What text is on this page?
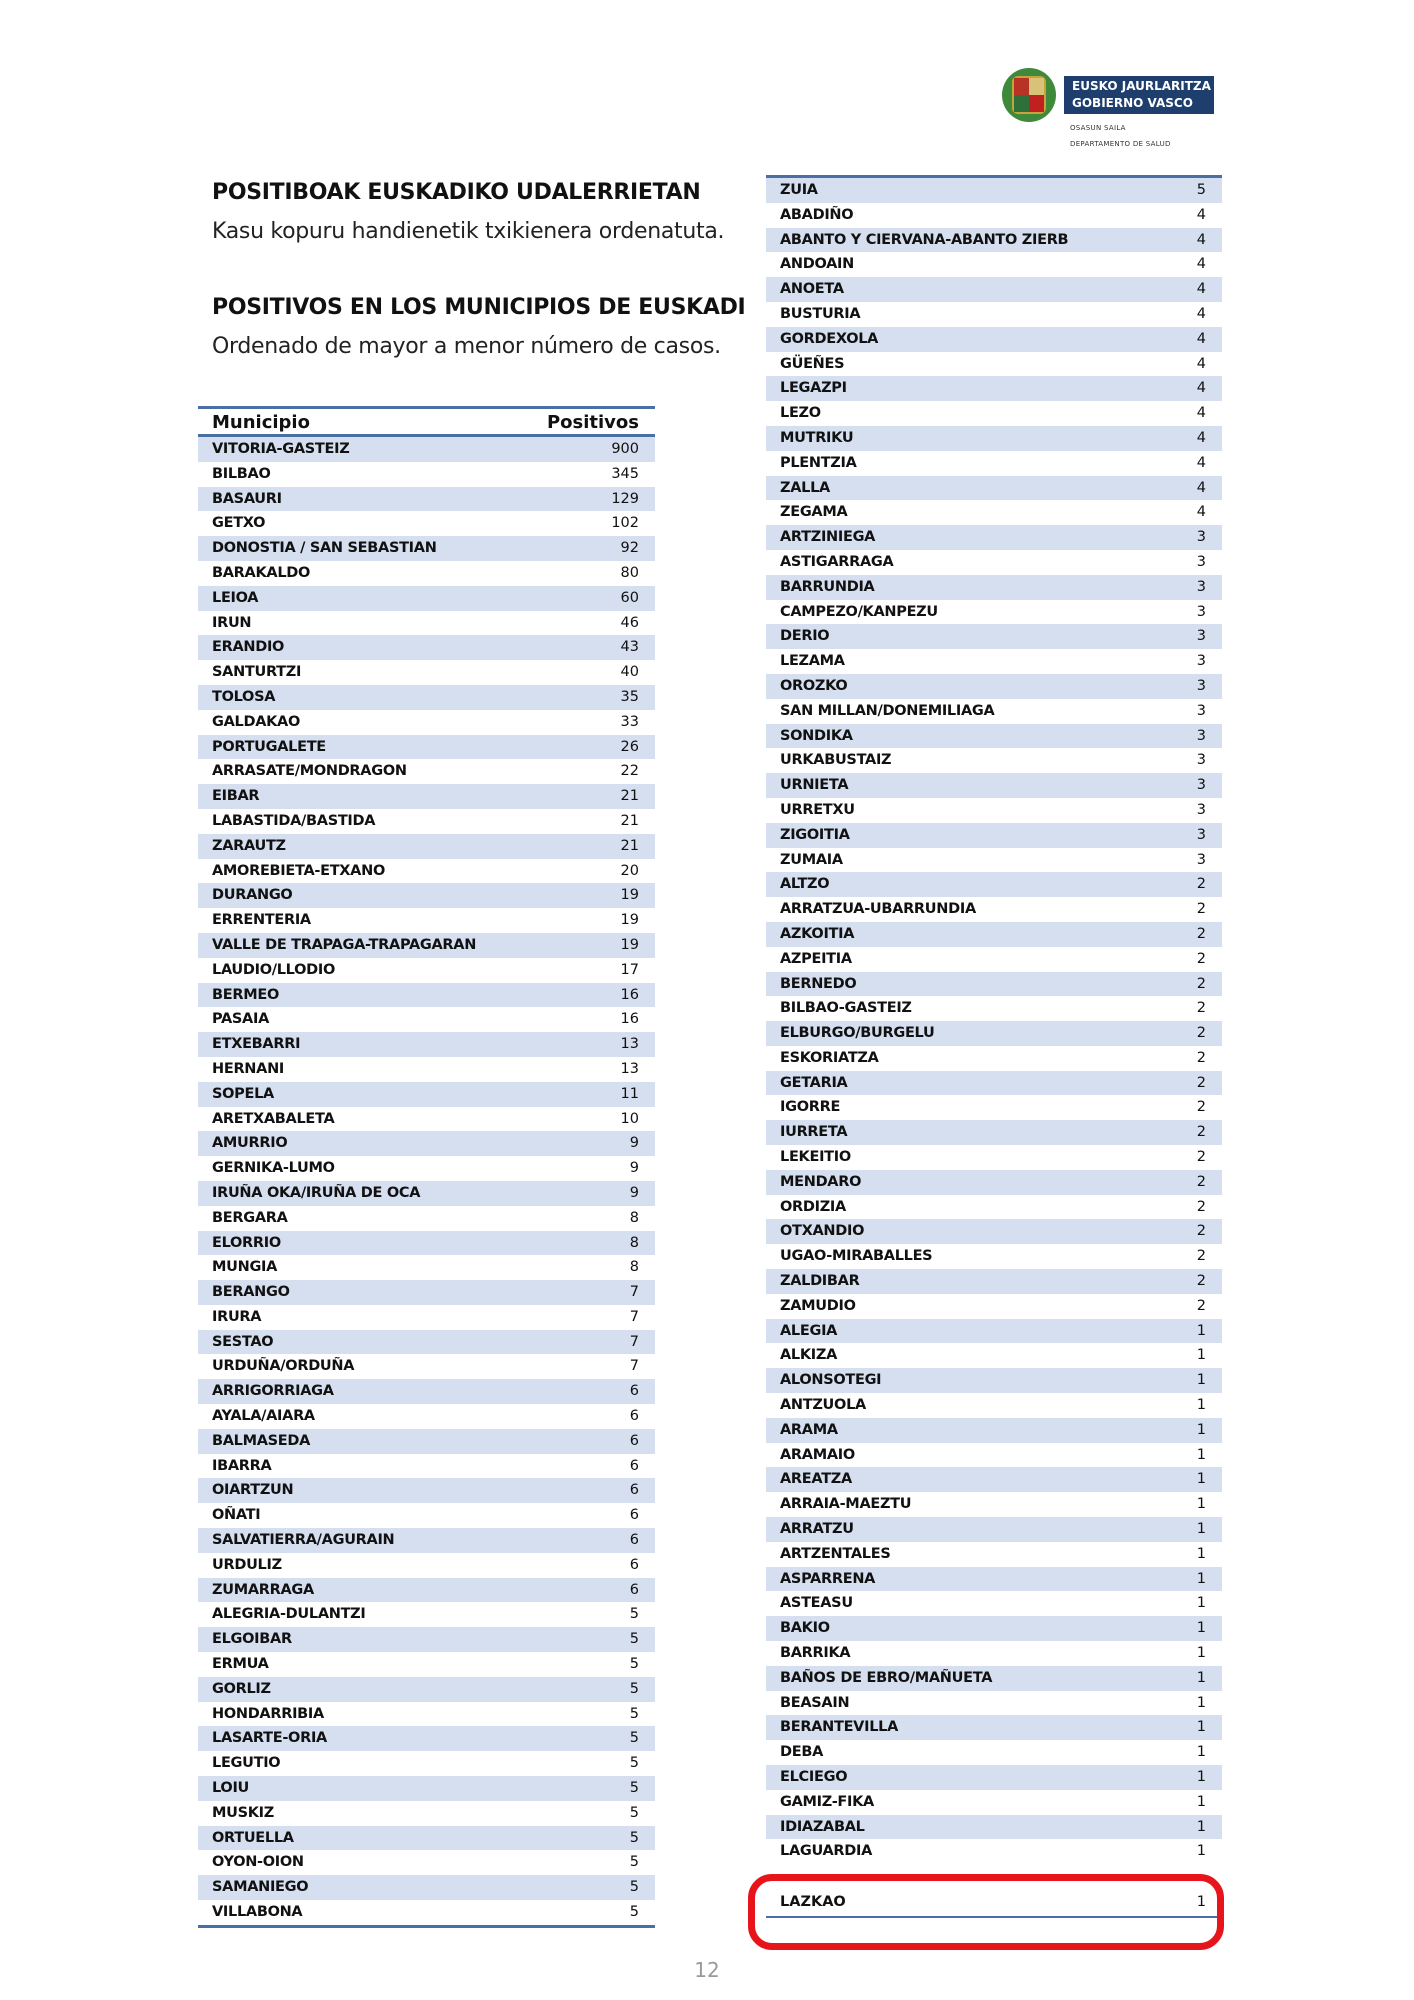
EUSKO JAURLARITZA
GOBIERNO VASCO
OSASUN SAILA
DEPARTAMENTO DE SALUD
POSITIBOAK EUSKADIKO UDALERRIETAN
Kasu kopuru handienetik txikienera ordenatuta.
POSITIVOS EN LOS MUNICIPIOS DE EUSKADI
Ordenado de mayor a menor número de casos.
Municipio	Positivos
VITORIA-GASTEIZ	900
BILBAO	345
BASAURI	129
GETXO	102
DONOSTIA / SAN SEBASTIAN	92
BARAKALDO	80
LEIOA	60
IRUN	46
ERANDIO	43
SANTURTZI	40
TOLOSA	35
GALDAKAO	33
PORTUGALETE	26
ARRASATE/MONDRAGON	22
EIBAR	21
LABASTIDA/BASTIDA	21
ZARAUTZ	21
AMOREBIETA-ETXANO	20
DURANGO	19
ERRENTERIA	19
VALLE DE TRAPAGA-TRAPAGARAN	19
LAUDIO/LLODIO	17
BERMEO	16
PASAIA	16
ETXEBARRI	13
HERNANI	13
SOPELA	11
ARETXABALETA	10
AMURRIO	9
GERNIKA-LUMO	9
IRUÑA OKA/IRUÑA DE OCA	9
BERGARA	8
ELORRIO	8
MUNGIA	8
BERANGO	7
IRURA	7
SESTAO	7
URDUÑA/ORDUÑA	7
ARRIGORRIAGA	6
AYALA/AIARA	6
BALMASEDA	6
IBARRA	6
OIARTZUN	6
OÑATI	6
SALVATIERRA/AGURAIN	6
URDULIZ	6
ZUMARRAGA	6
ALEGRIA-DULANTZI	5
ELGOIBAR	5
ERMUA	5
GORLIZ	5
HONDARRIBIA	5
LASARTE-ORIA	5
LEGUTIO	5
LOIU	5
MUSKIZ	5
ORTUELLA	5
OYON-OION	5
SAMANIEGO	5
VILLABONA	5
ZUIA	5
ABADIÑO	4
ABANTO Y CIERVANA-ABANTO ZIERB	4
ANDOAIN	4
ANOETA	4
BUSTURIA	4
GORDEXOLA	4
GÜEÑES	4
LEGAZPI	4
LEZO	4
MUTRIKU	4
PLENTZIA	4
ZALLA	4
ZEGAMA	4
ARTZINIEGA	3
ASTIGARRAGA	3
BARRUNDIA	3
CAMPEZO/KANPEZU	3
DERIO	3
LEZAMA	3
OROZKO	3
SAN MILLAN/DONEMILIAGA	3
SONDIKA	3
URKABUSTAIZ	3
URNIETA	3
URRETXU	3
ZIGOITIA	3
ZUMAIA	3
ALTZO	2
ARRATZUA-UBARRUNDIA	2
AZKOITIA	2
AZPEITIA	2
BERNEDO	2
BILBAO-GASTEIZ	2
ELBURGO/BURGELU	2
ESKORIATZA	2
GETARIA	2
IGORRE	2
IURRETA	2
LEKEITIO	2
MENDARO	2
ORDIZIA	2
OTXANDIO	2
UGAO-MIRABALLES	2
ZALDIBAR	2
ZAMUDIO	2
ALEGIA	1
ALKIZA	1
ALONSOTEGI	1
ANTZUOLA	1
ARAMA	1
ARAMAIO	1
AREATZA	1
ARRAIA-MAEZTU	1
ARRATZU	1
ARTZENTALES	1
ASPARRENA	1
ASTEASU	1
BAKIO	1
BARRIKA	1
BAÑOS DE EBRO/MAÑUETA	1
BEASAIN	1
BERANTEVILLA	1
DEBA	1
ELCIEGO	1
GAMIZ-FIKA	1
IDIAZABAL	1
LAGUARDIA	1
LAZKAO	1
12
